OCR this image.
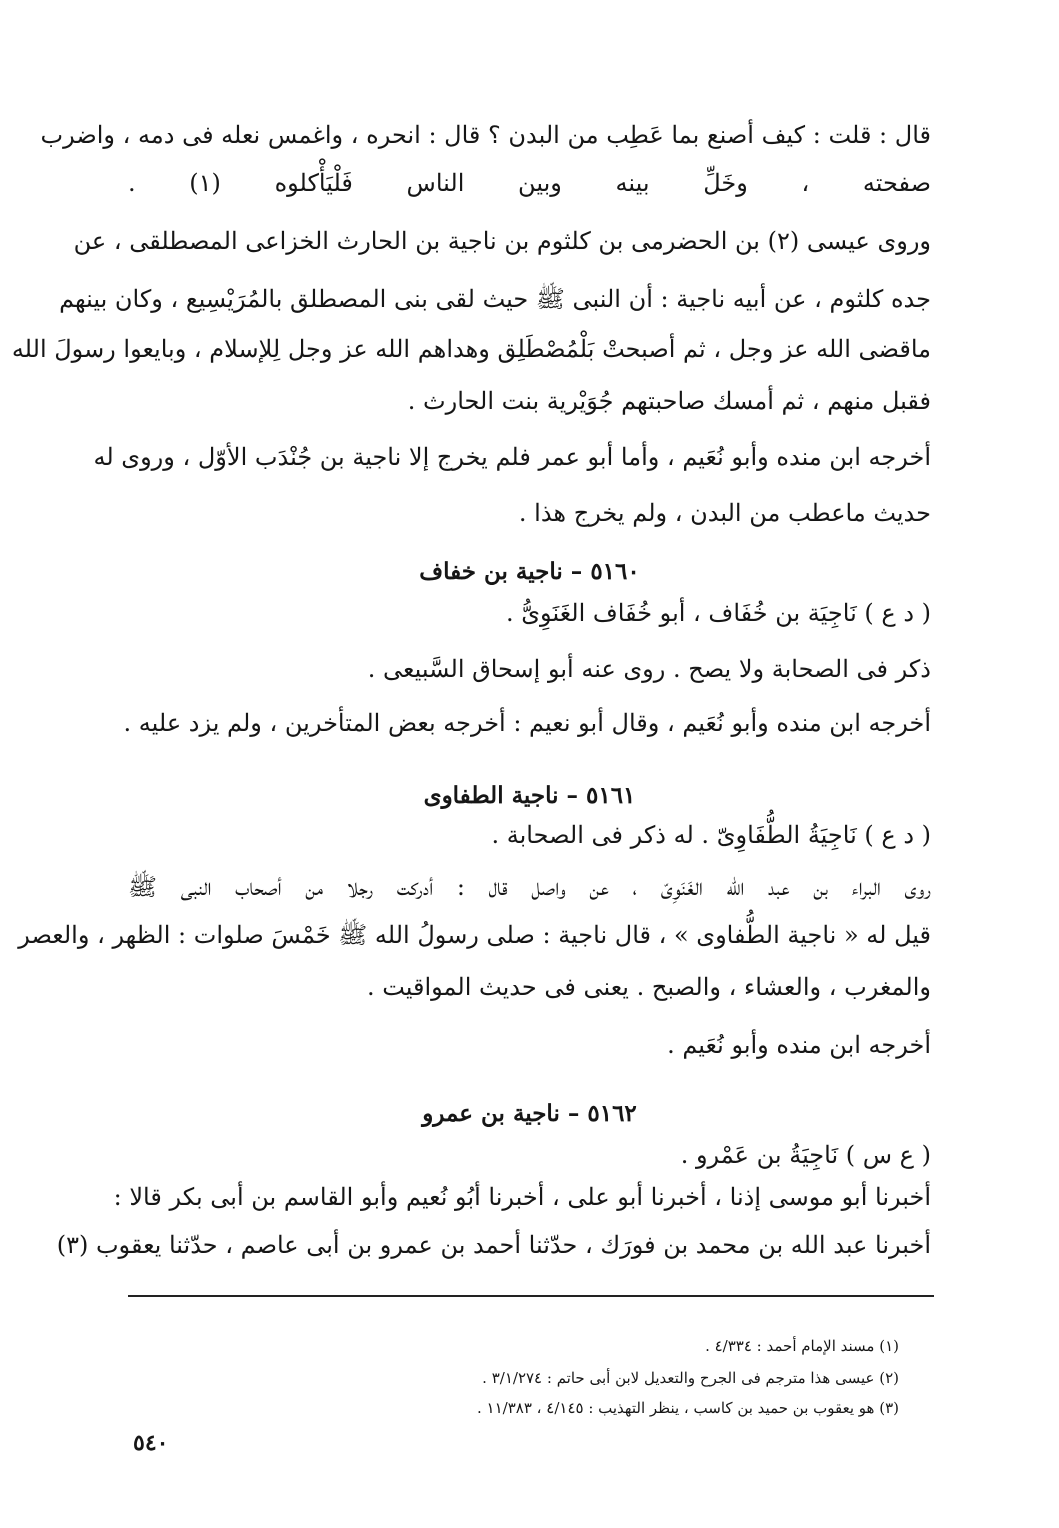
قال : قلت : كيف أصنع بما عَطِب من البدن ؟ قال : انحره ، واغمس نعله فى دمه ، واضرب

صفحته ، وخَلِّ بينه وبين الناس فَلْيَأْكلوه (١) .

وروى عيسى (٢) بن الحضرمى بن كلثوم بن ناجية بن الحارث الخزاعى المصطلقى ، عن

جده كلثوم ، عن أبيه ناجية : أن النبى ﷺ حيث لقى بنى المصطلق بالمُرَيْسِيع ، وكان بينهم

ماقضى الله عز وجل ، ثم أصبحتْ بَلْمُصْطَلِق وهداهم الله عز وجل لِلإسلام ، وبايعوا رسولَ الله

فقبل منهم ، ثم أمسك صاحبتهم جُوَيْرية بنت الحارث .

أخرجه ابن منده وأبو نُعَيم ، وأما أبو عمر فلم يخرج إلا ناجية بن جُنْدَب الأوّل ، وروى له

حديث ماعطب من البدن ، ولم يخرج هذا .

٥١٦٠ – ناجية بن خفاف

( د ع ) نَاجِيَة بن خُفَاف ، أبو خُفَاف الغَنَوِىُّ .

ذكر فى الصحابة ولا يصح . روى عنه أبو إسحاق السَّبيعى .

أخرجه ابن منده وأبو نُعَيم ، وقال أبو نعيم : أخرجه بعض المتأخرين ، ولم يزد عليه .

٥١٦١ – ناجية الطفاوى

( د ع ) نَاجِيَةُ الطُّفَاوِىّ . له ذكر فى الصحابة .

روى البراء بن عبد الله الغَنَوِىّ ، عن واصل قال : أدركت رجلا من أصحاب النبى ﷺ

قيل له « ناجية الطُّفاوى » ، قال ناجية : صلى رسولُ الله ﷺ خَمْسَ صلوات : الظهر ، والعصر

والمغرب ، والعشاء ، والصبح . يعنى فى حديث المواقيت .

أخرجه ابن منده وأبو نُعَيم .

٥١٦٢ – ناجية بن عمرو

( ع س ) نَاجِيَةُ بن عَمْرو .

أخبرنا أبو موسى إذنا ، أخبرنا أبو على ، أخبرنا أبُو نُعيم وأبو القاسم بن أبى بكر قالا :

أخبرنا عبد الله بن محمد بن فورَك ، حدّثنا أحمد بن عمرو بن أبى عاصم ، حدّثنا يعقوب (٣)

(١) مسند الإمام أحمد : ٤/٣٣٤ .

(٢) عيسى هذا مترجم فى الجرح والتعديل لابن أبى حاتم : ٣/١/٢٧٤ .

(٣) هو يعقوب بن حميد بن كاسب ، ينظر التهذيب : ٤/١٤٥ ، ١١/٣٨٣ .

٥٤٠
